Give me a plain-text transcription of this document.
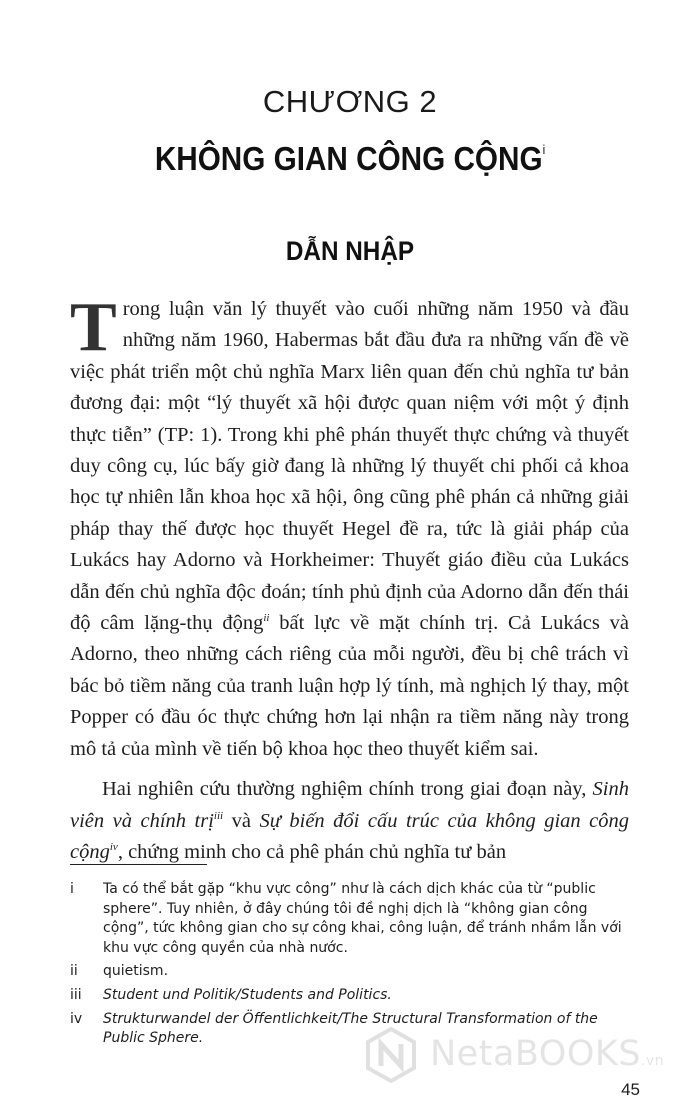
CHƯƠNG 2
KHÔNG GIAN CÔNG CỘNG$^i$
DẪN NHẬP

Trong luận văn lý thuyết vào cuối những năm 1950 và đầu những năm 1960, Habermas bắt đầu đưa ra những vấn đề về việc phát triển một chủ nghĩa Marx liên quan đến chủ nghĩa tư bản đương đại: một “lý thuyết xã hội được quan niệm với một ý định thực tiễn” (TP: 1). Trong khi phê phán thuyết thực chứng và thuyết duy công cụ, lúc bấy giờ đang là những lý thuyết chi phối cả khoa học tự nhiên lẫn khoa học xã hội, ông cũng phê phán cả những giải pháp thay thế được học thuyết Hegel đề ra, tức là giải pháp của Lukács hay Adorno và Horkheimer: Thuyết giáo điều của Lukács dẫn đến chủ nghĩa độc đoán; tính phủ định của Adorno dẫn đến thái độ câm lặng-thụ động$^{ii}$ bất lực về mặt chính trị. Cả Lukács và Adorno, theo những cách riêng của mỗi người, đều bị chê trách vì bác bỏ tiềm năng của tranh luận hợp lý tính, mà nghịch lý thay, một Popper có đầu óc thực chứng hơn lại nhận ra tiềm năng này trong mô tả của mình về tiến bộ khoa học theo thuyết kiểm sai.

Hai nghiên cứu thường nghiệm chính trong giai đoạn này, Sinh viên và chính trị$^{iii}$ và Sự biến đổi cấu trúc của không gian công cộng$^{iv}$, chứng minh cho cả phê phán chủ nghĩa tư bản

i	Ta có thể bắt gặp “khu vực công” như là cách dịch khác của từ “public sphere”. Tuy nhiên, ở đây chúng tôi đề nghị dịch là “không gian công cộng”, tức không gian cho sự công khai, công luận, để tránh nhầm lẫn với khu vực công quyền của nhà nước.
ii	quietism.
iii	Student und Politik/Students and Politics.
iv	Strukturwandel der Öffentlichkeit/The Structural Transformation of the Public Sphere.	NetaBOOKS.vn
45
